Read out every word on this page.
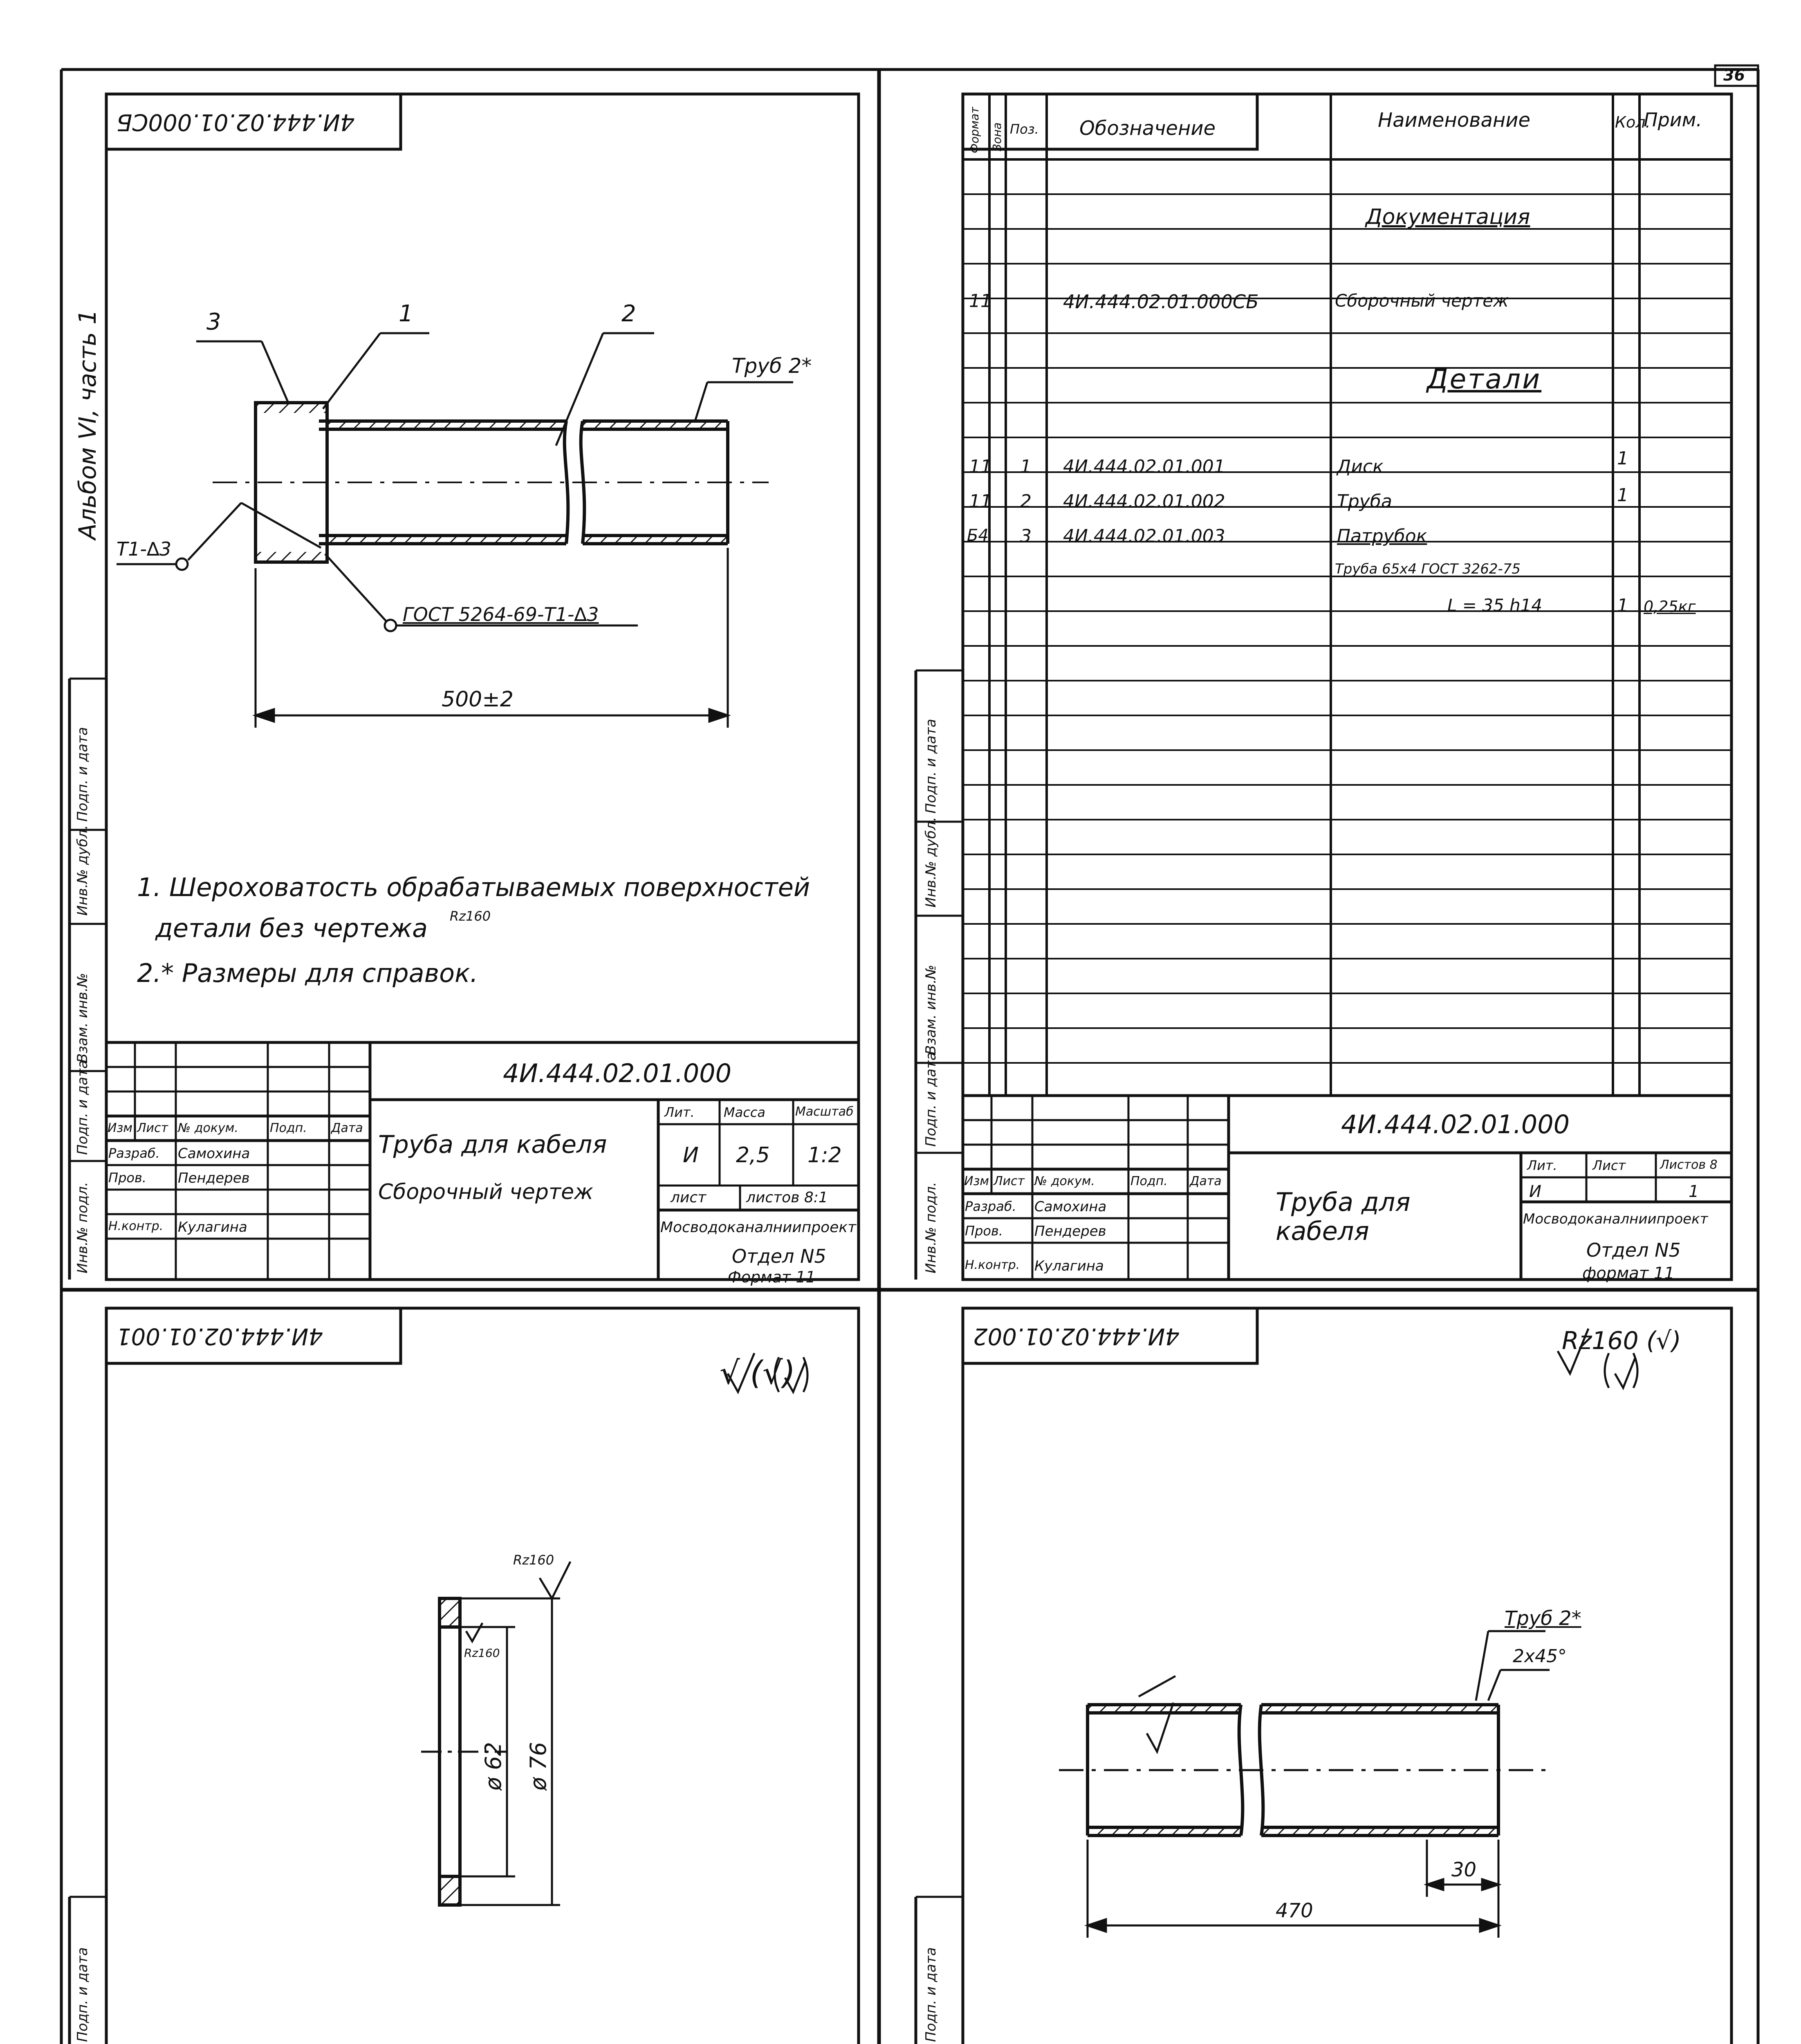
36
Альбом VI, часть 1
Инв.№ подл.
Подп. и дата
Взам. инв.№
Инв.№ дубл.
Подп. и дата
Инв.№ подл.
Подп. и дата
Взам. инв.№
Инв.№ дубл.
Подп. и дата
Подп. и дата	Подп. и дата
4И.444.02.01.000СБ
3	1	2
Труб 2*
Т1-∆3
ГОСТ 5264-69-Т1-∆3
500±2
1. Шероховатость обрабатываемых поверхностей
детали без чертежа Rz160
2.* Размеры для справок.
4И.444.02.01.000
Изм Лист № докум.	Подп. Дата
Разраб. Самохина
Пров. Пендерев
Н.контр. Кулагина
Труба для кабеля
Сборочный чертеж
Лит. Масса Масштаб
И 2,5 1:2
лист	листов 8:1
Мосводоканалниипроект
Отдел N5
Формат 11
Формат Зона Поз. Обозначение	Наименование	Кол.
Прим.
Документация
Детали
11	4И.444.02.01.000СБ	Сборочный чертеж
11 1 4И.444.02.01.001	Диск	1
11 2 4И.444.02.01.002	Труба	1
Б4 3 4И.444.02.01.003	Патрубок
Труба 65х4 ГОСТ 3262-75
L = 35 h14	1 0,25кг
4И.444.02.01.000
Изм Лист № докум.	Подп. Дата
Разраб. Самохина
Пров. Пендерев
Н.контр. Кулагина
Труба для кабеля
Лит.	Лист	Листов 8
И	1
Мосводоканалниипроект
Отдел N5
формат 11
4И.444.02.01.001
√ (√)
Rz160
Rz160
ø 62 ø 76
4И.444.02.01.002	Rz160 (√)
Труб 2*
2x45°
30
470
